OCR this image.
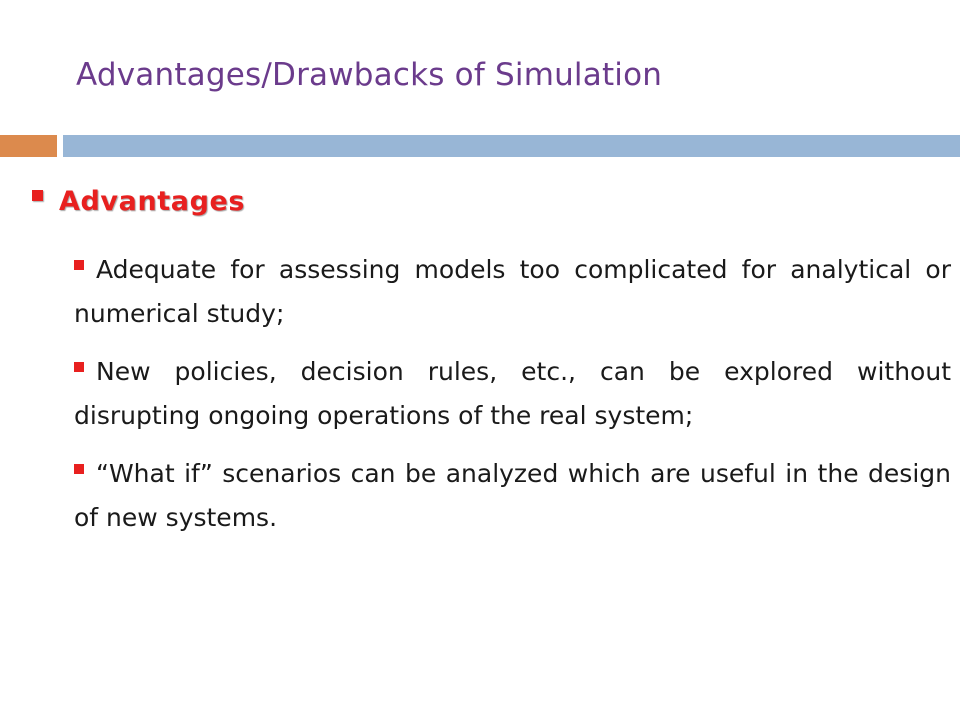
Advantages/Drawbacks of Simulation
Advantages
Adequate for assessing models too complicated for analytical or numerical study;
New policies, decision rules, etc., can be explored without disrupting ongoing operations of the real system;
“What if” scenarios can be analyzed which are useful in the design of new systems.
